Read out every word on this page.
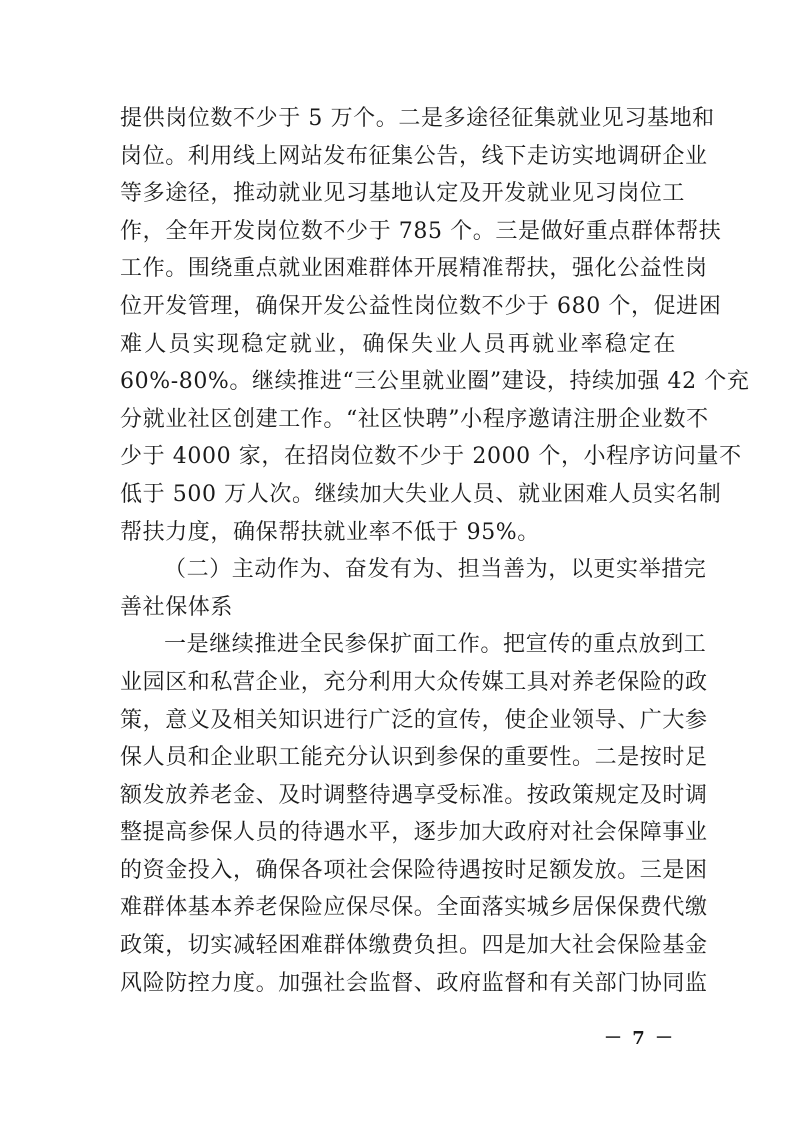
提供岗位数不少于 5 万个。二是多途径征集就业见习基地和
岗位。利用线上网站发布征集公告，线下走访实地调研企业
等多途径，推动就业见习基地认定及开发就业见习岗位工
作，全年开发岗位数不少于 785 个。三是做好重点群体帮扶
工作。围绕重点就业困难群体开展精准帮扶，强化公益性岗
位开发管理，确保开发公益性岗位数不少于 680 个，促进困
难人员实现稳定就业，确保失业人员再就业率稳定在
60%-80%。继续推进“三公里就业圈”建设，持续加强 42 个充
分就业社区创建工作。“社区快聘”小程序邀请注册企业数不
少于 4000 家，在招岗位数不少于 2000 个，小程序访问量不
低于 500 万人次。继续加大失业人员、就业困难人员实名制
帮扶力度，确保帮扶就业率不低于 95%。
（二）主动作为、奋发有为、担当善为，以更实举措完
善社保体系
一是继续推进全民参保扩面工作。把宣传的重点放到工
业园区和私营企业，充分利用大众传媒工具对养老保险的政
策，意义及相关知识进行广泛的宣传，使企业领导、广大参
保人员和企业职工能充分认识到参保的重要性。二是按时足
额发放养老金、及时调整待遇享受标准。按政策规定及时调
整提高参保人员的待遇水平，逐步加大政府对社会保障事业
的资金投入，确保各项社会保险待遇按时足额发放。三是困
难群体基本养老保险应保尽保。全面落实城乡居保保费代缴
政策，切实减轻困难群体缴费负担。四是加大社会保险基金
风险防控力度。加强社会监督、政府监督和有关部门协同监
－ 7 －
